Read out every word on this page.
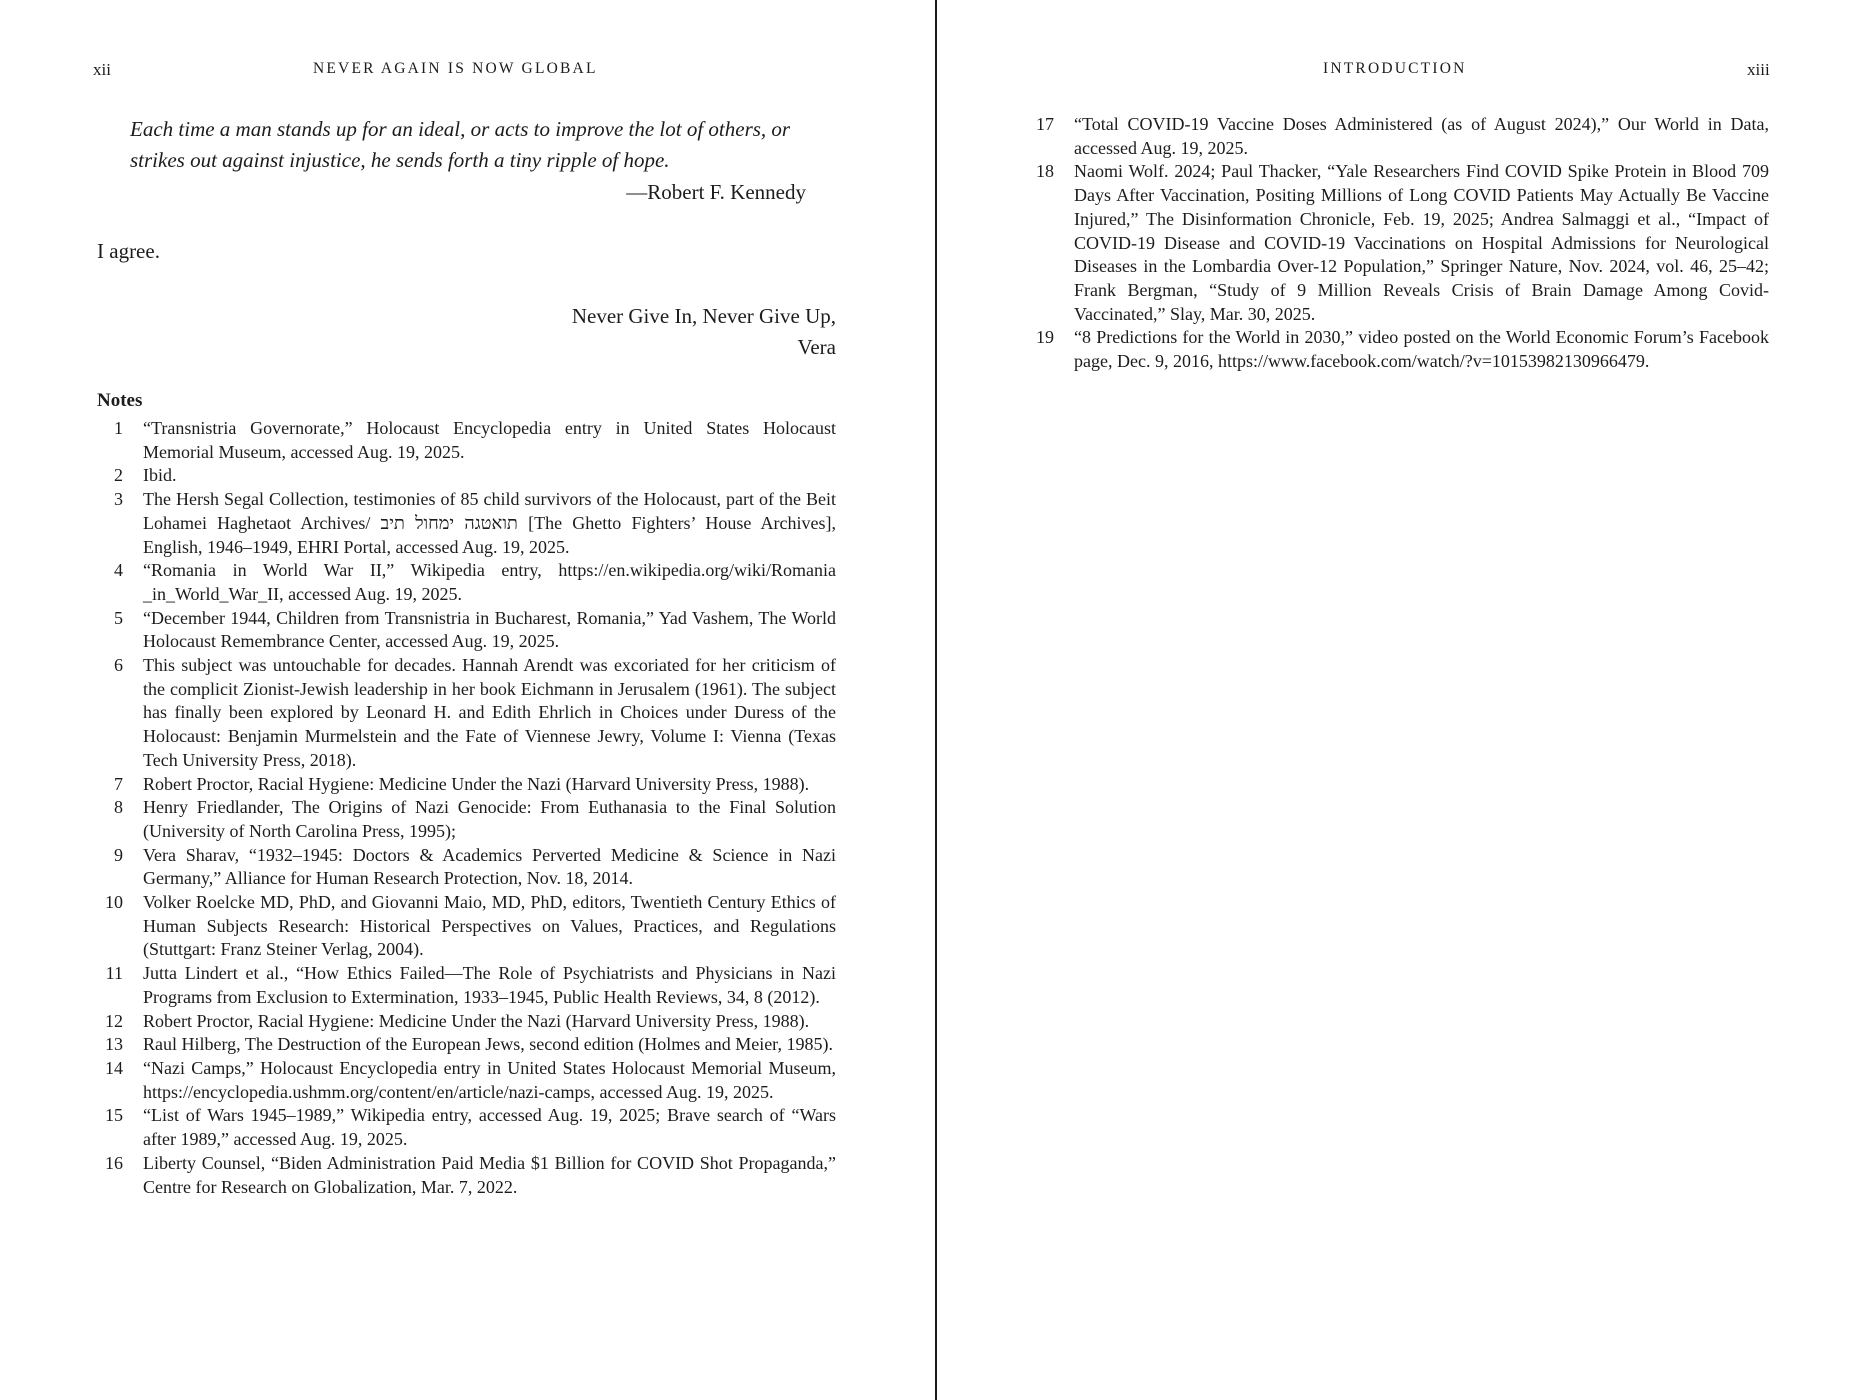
xii	NEVER AGAIN IS NOW GLOBAL
Each time a man stands up for an ideal, or acts to improve the lot of others, or strikes out against injustice, he sends forth a tiny ripple of hope.
—Robert F. Kennedy
I agree.
Never Give In, Never Give Up,
Vera
Notes
1 “Transnistria Governorate,” Holocaust Encyclopedia entry in United States Holocaust Memorial Museum, accessed Aug. 19, 2025.
2 Ibid.
3 The Hersh Segal Collection, testimonies of 85 child survivors of the Holocaust, part of the Beit Lohamei Haghetaot Archives/ תואטגה ימחול תיב [The Ghetto Fighters’ House Archives], English, 1946–1949, EHRI Portal, accessed Aug. 19, 2025.
4 “Romania in World War II,” Wikipedia entry, https://en.wikipedia.org/wiki/Romania _in_World_War_II, accessed Aug. 19, 2025.
5 “December 1944, Children from Transnistria in Bucharest, Romania,” Yad Vashem, The World Holocaust Remembrance Center, accessed Aug. 19, 2025.
6 This subject was untouchable for decades. Hannah Arendt was excoriated for her criticism of the complicit Zionist-Jewish leadership in her book Eichmann in Jerusalem (1961). The subject has finally been explored by Leonard H. and Edith Ehrlich in Choices under Duress of the Holocaust: Benjamin Murmelstein and the Fate of Viennese Jewry, Volume I: Vienna (Texas Tech University Press, 2018).
7 Robert Proctor, Racial Hygiene: Medicine Under the Nazi (Harvard University Press, 1988).
8 Henry Friedlander, The Origins of Nazi Genocide: From Euthanasia to the Final Solution (University of North Carolina Press, 1995);
9 Vera Sharav, “1932–1945: Doctors & Academics Perverted Medicine & Science in Nazi Germany,” Alliance for Human Research Protection, Nov. 18, 2014.
10 Volker Roelcke MD, PhD, and Giovanni Maio, MD, PhD, editors, Twentieth Century Ethics of Human Subjects Research: Historical Perspectives on Values, Practices, and Regulations (Stuttgart: Franz Steiner Verlag, 2004).
11 Jutta Lindert et al., “How Ethics Failed—The Role of Psychiatrists and Physicians in Nazi Programs from Exclusion to Extermination, 1933–1945, Public Health Reviews, 34, 8 (2012).
12 Robert Proctor, Racial Hygiene: Medicine Under the Nazi (Harvard University Press, 1988).
13 Raul Hilberg, The Destruction of the European Jews, second edition (Holmes and Meier, 1985).
14 “Nazi Camps,” Holocaust Encyclopedia entry in United States Holocaust Memorial Museum, https://encyclopedia.ushmm.org/content/en/article/nazi-camps, accessed Aug. 19, 2025.
15 “List of Wars 1945–1989,” Wikipedia entry, accessed Aug. 19, 2025; Brave search of “Wars after 1989,” accessed Aug. 19, 2025.
16 Liberty Counsel, “Biden Administration Paid Media $1 Billion for COVID Shot Propaganda,” Centre for Research on Globalization, Mar. 7, 2022.
INTRODUCTION	xiii
17 “Total COVID-19 Vaccine Doses Administered (as of August 2024),” Our World in Data, accessed Aug. 19, 2025.
18 Naomi Wolf. 2024; Paul Thacker, “Yale Researchers Find COVID Spike Protein in Blood 709 Days After Vaccination, Positing Millions of Long COVID Patients May Actually Be Vaccine Injured,” The Disinformation Chronicle, Feb. 19, 2025; Andrea Salmaggi et al., “Impact of COVID-19 Disease and COVID-19 Vaccinations on Hospital Admissions for Neurological Diseases in the Lombardia Over-12 Population,” Springer Nature, Nov. 2024, vol. 46, 25–42; Frank Bergman, “Study of 9 Million Reveals Crisis of Brain Damage Among Covid-Vaccinated,” Slay, Mar. 30, 2025.
19 “8 Predictions for the World in 2030,” video posted on the World Economic Forum’s Facebook page, Dec. 9, 2016, https://www.facebook.com/watch/?v=10153982130966479.
